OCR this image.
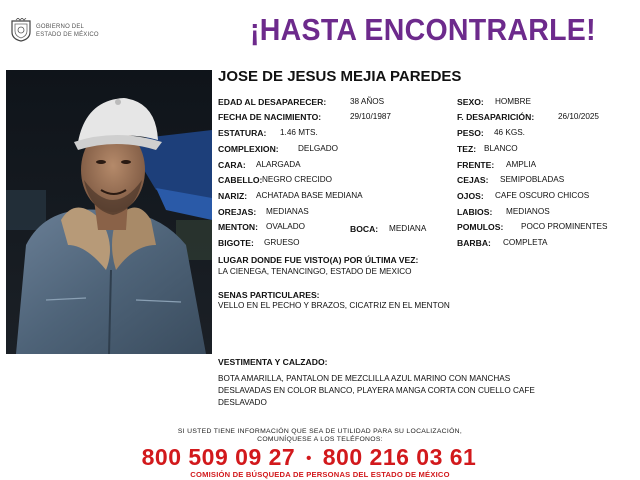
GOBIERNO DEL
ESTADO DE MÉXICO	¡HASTA ENCONTRARLE!
JOSE DE JESUS MEJIA PAREDES
EDAD AL DESAPARECER:	38 AÑOS
FECHA DE NACIMIENTO:	29/10/1987
ESTATURA: 1.46 MTS.
COMPLEXION: DELGADO
CARA: ALARGADA
CABELLO: NEGRO CRECIDO
NARIZ: ACHATADA BASE MEDIANA
OREJAS: MEDIANAS
MENTON: OVALADO	BOCA: MEDIANA
BIGOTE: GRUESO
SEXO: HOMBRE
F. DESAPARICIÓN:	26/10/2025
PESO: 46 KGS.
TEZ: BLANCO
FRENTE: AMPLIA
CEJAS: SEMIPOBLADAS
OJOS: CAFE OSCURO CHICOS
LABIOS: MEDIANOS
POMULOS: POCO PROMINENTES
BARBA: COMPLETA
LUGAR DONDE FUE VISTO(A) POR ÚLTIMA VEZ:
LA CIENEGA, TENANCINGO, ESTADO DE MEXICO
SENAS PARTICULARES:
VELLO EN EL PECHO Y BRAZOS, CICATRIZ EN EL MENTON
VESTIMENTA Y CALZADO:
BOTA AMARILLA, PANTALON DE MEZCLILLA AZUL MARINO CON MANCHAS
DESLAVADAS EN COLOR BLANCO, PLAYERA MANGA CORTA CON CUELLO CAFE
DESLAVADO
SI USTED TIENE INFORMACIÓN QUE SEA DE UTILIDAD PARA SU LOCALIZACIÓN,
COMUNÍQUESE A LOS TELÉFONOS:
800 509 09 27 • 800 216 03 61
COMISIÓN DE BÚSQUEDA DE PERSONAS DEL ESTADO DE MÉXICO
